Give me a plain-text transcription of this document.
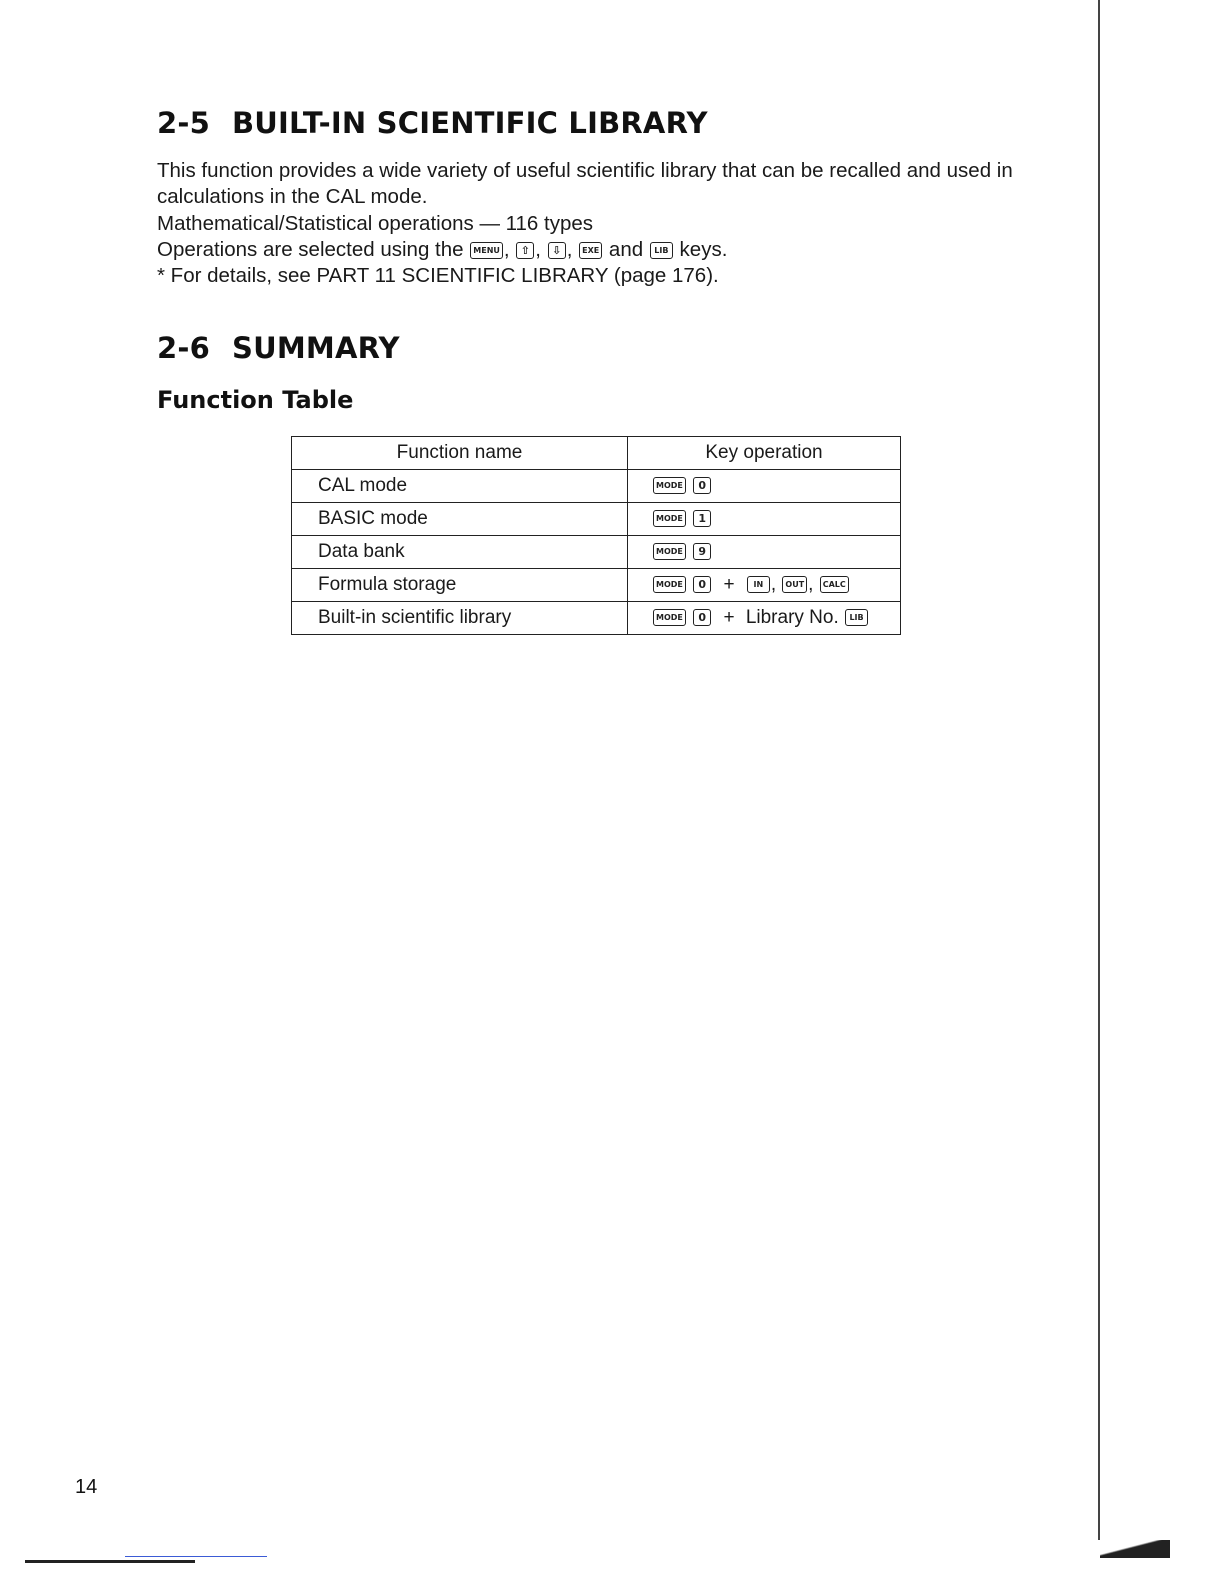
2-5 BUILT-IN SCIENTIFIC LIBRARY
This function provides a wide variety of useful scientific library that can be recalled and used in calculations in the CAL mode.
Mathematical/Statistical operations — 116 types
Operations are selected using the MENU , ⇧ , ⇩ , EXE and LIB keys.
* For details, see PART 11 SCIENTIFIC LIBRARY (page 176).
2-6 SUMMARY
Function Table
Function name	Key operation
CAL mode	MODE 0
BASIC mode	MODE 1
Data bank	MODE 9
Formula storage	MODE 0 + IN , OUT , CALC
Built-in scientific library	MODE 0 + Library No. LIB
14
